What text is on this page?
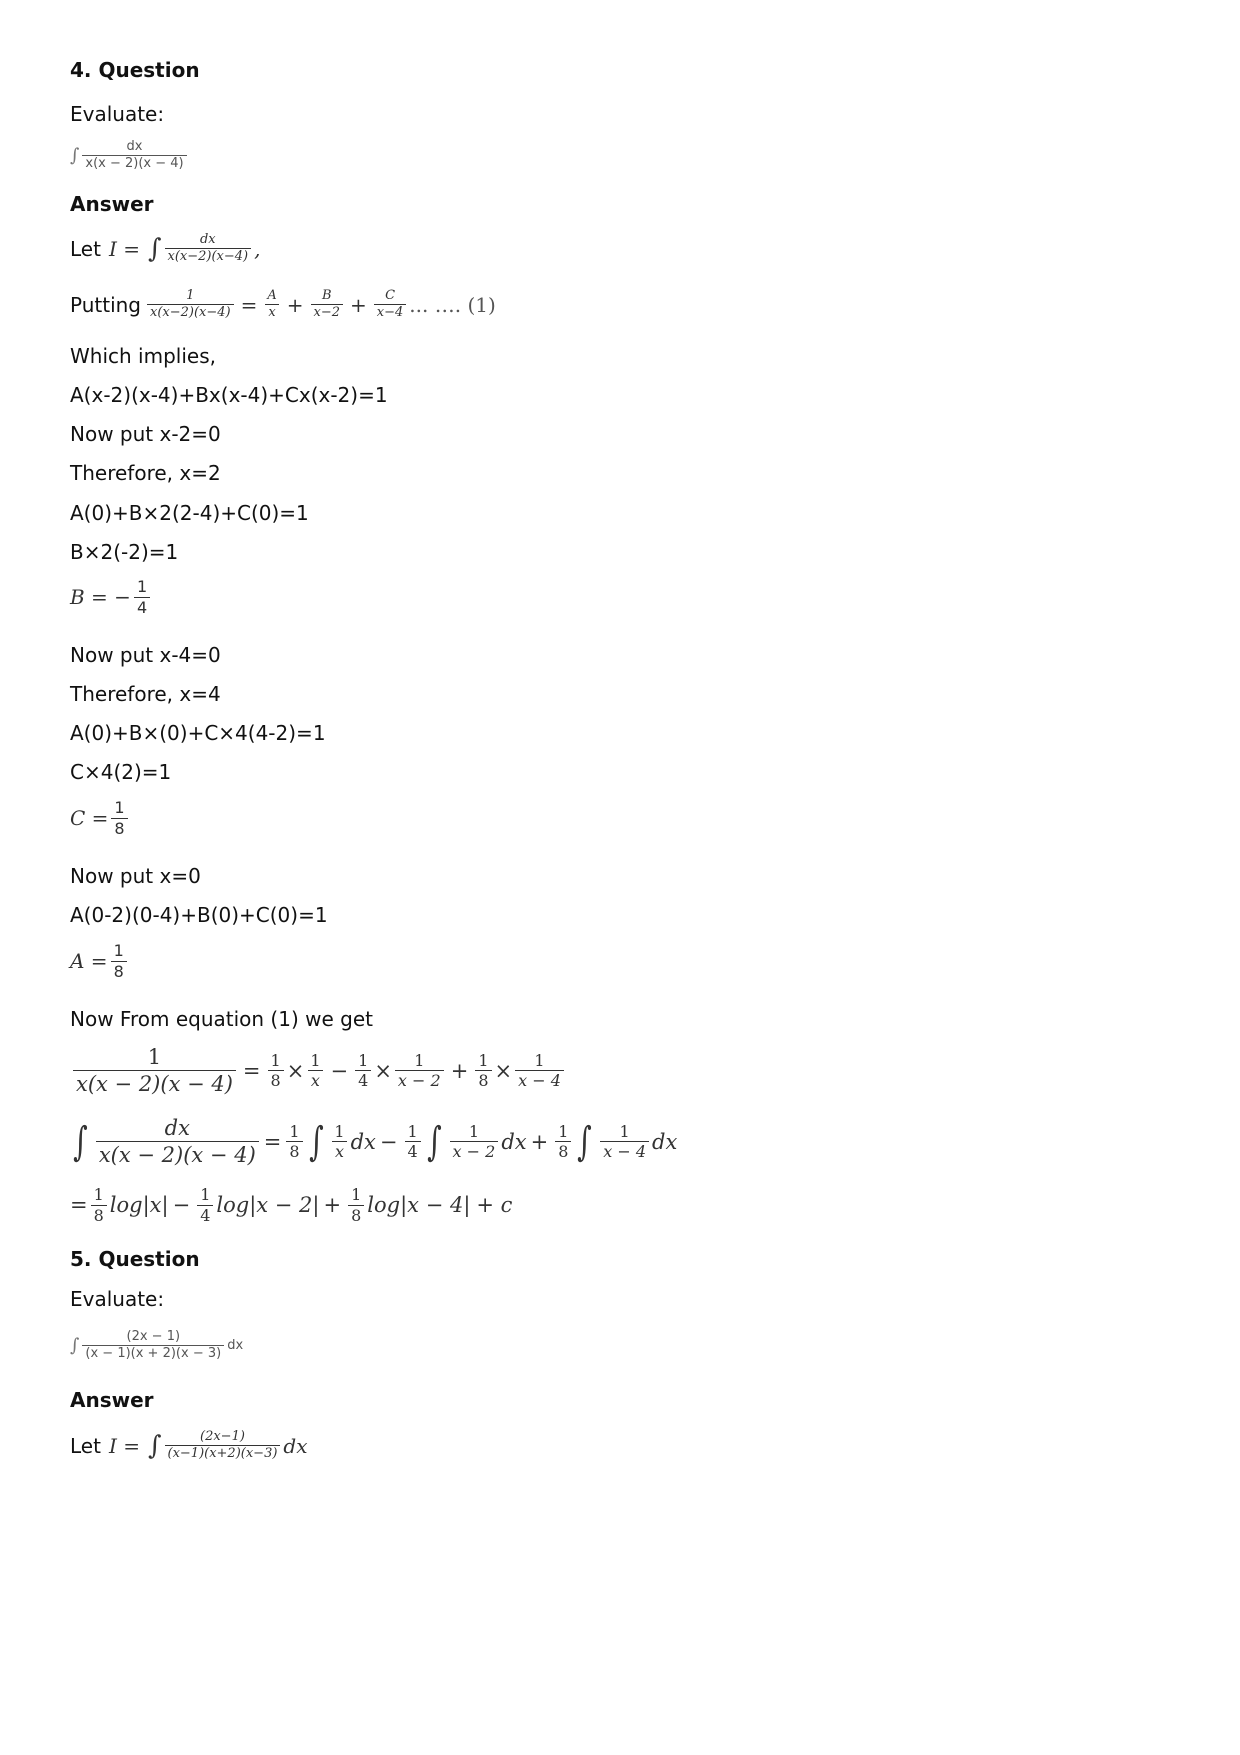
4. Question
Evaluate:
∫ $\frac{dx}{x(x - 2)(x - 4)}$
Answer
Let I = ∫ $\frac{dx}{x(x-2)(x-4)}$ ,
Putting $\frac{1}{x(x-2)(x-4)} = \frac{A}{x} + \frac{B}{x-2} + \frac{C}{x-4}$ ... …. (1)
Which implies,
A(x-2)(x-4)+Bx(x-4)+Cx(x-2)=1
Now put x-2=0
Therefore, x=2
A(0)+B×2(2-4)+C(0)=1
B×2(-2)=1
B = − $\frac{1}{4}$
Now put x-4=0
Therefore, x=4
A(0)+B×(0)+C×4(4-2)=1
C×4(2)=1
$C = \frac{1}{8}$
Now put x=0
A(0-2)(0-4)+B(0)+C(0)=1
$A = \frac{1}{8}$
Now From equation (1) we get
$\frac{1}{x(x - 2)(x - 4)} = \frac{1}{8} \times \frac{1}{x} - \frac{1}{4} \times \frac{1}{x - 2} + \frac{1}{8} \times \frac{1}{x - 4}$
∫ $\frac{dx}{x(x - 2)(x - 4)} = \frac{1}{8}$ ∫ $\frac{1}{x}$ dx − $\frac{1}{4}$ ∫ $\frac{1}{x - 2}$ dx + $\frac{1}{8}$ ∫ $\frac{1}{x - 4}$ dx
= $\frac{1}{8} \log|x| - \frac{1}{4} \log|x - 2| + \frac{1}{8} \log|x - 4| + c$
5. Question
Evaluate:
∫ $\frac{(2x - 1)}{(x - 1)(x + 2)(x - 3)}$ dx
Answer
Let I = ∫ $\frac{(2x-1)}{(x-1)(x+2)(x-3)}$ dx
